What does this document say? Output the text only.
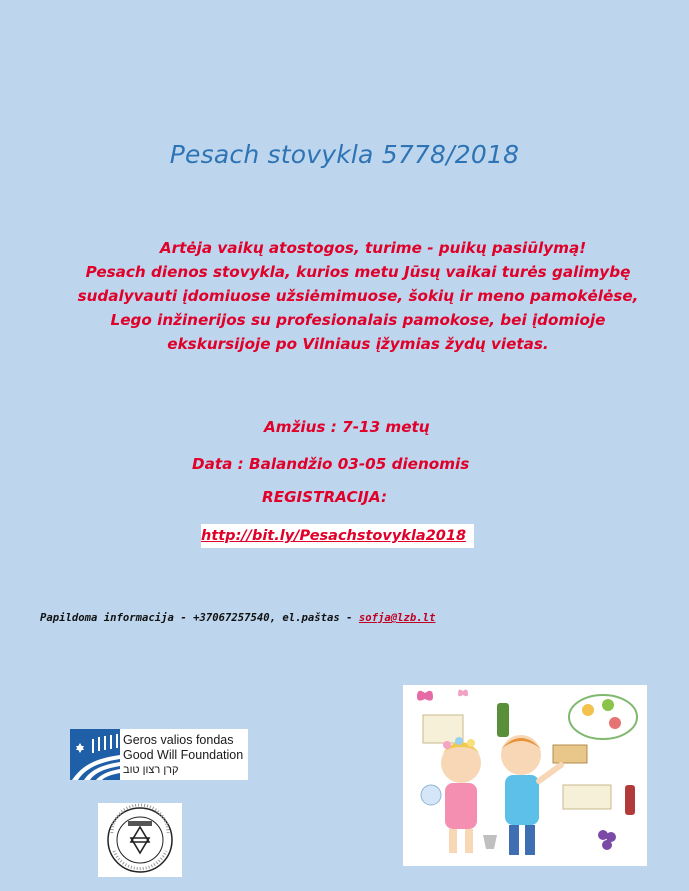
Pesach stovykla 5778/2018
Artėja vaikų atostogos, turime - puikų pasiūlymą!
Pesach dienos stovykla, kurios metu Jūsų vaikai turės galimybę sudalyvauti įdomiuose užsiėmimuose, šokių ir meno pamokėlėse, Lego inžinerijos su profesionalais pamokose, bei įdomioje ekskursijoje po Vilniaus įžymias žydų vietas.
Amžius : 7-13 metų
Data : Balandžio 03-05 dienomis
REGISTRACIJA:
http://bit.ly/Pesachstovykla2018
Papildoma informacija - +37067257540, el.paštas - sofja@lzb.lt
Geros valios fondas
Good Will Foundation
קרן רצון טוב
